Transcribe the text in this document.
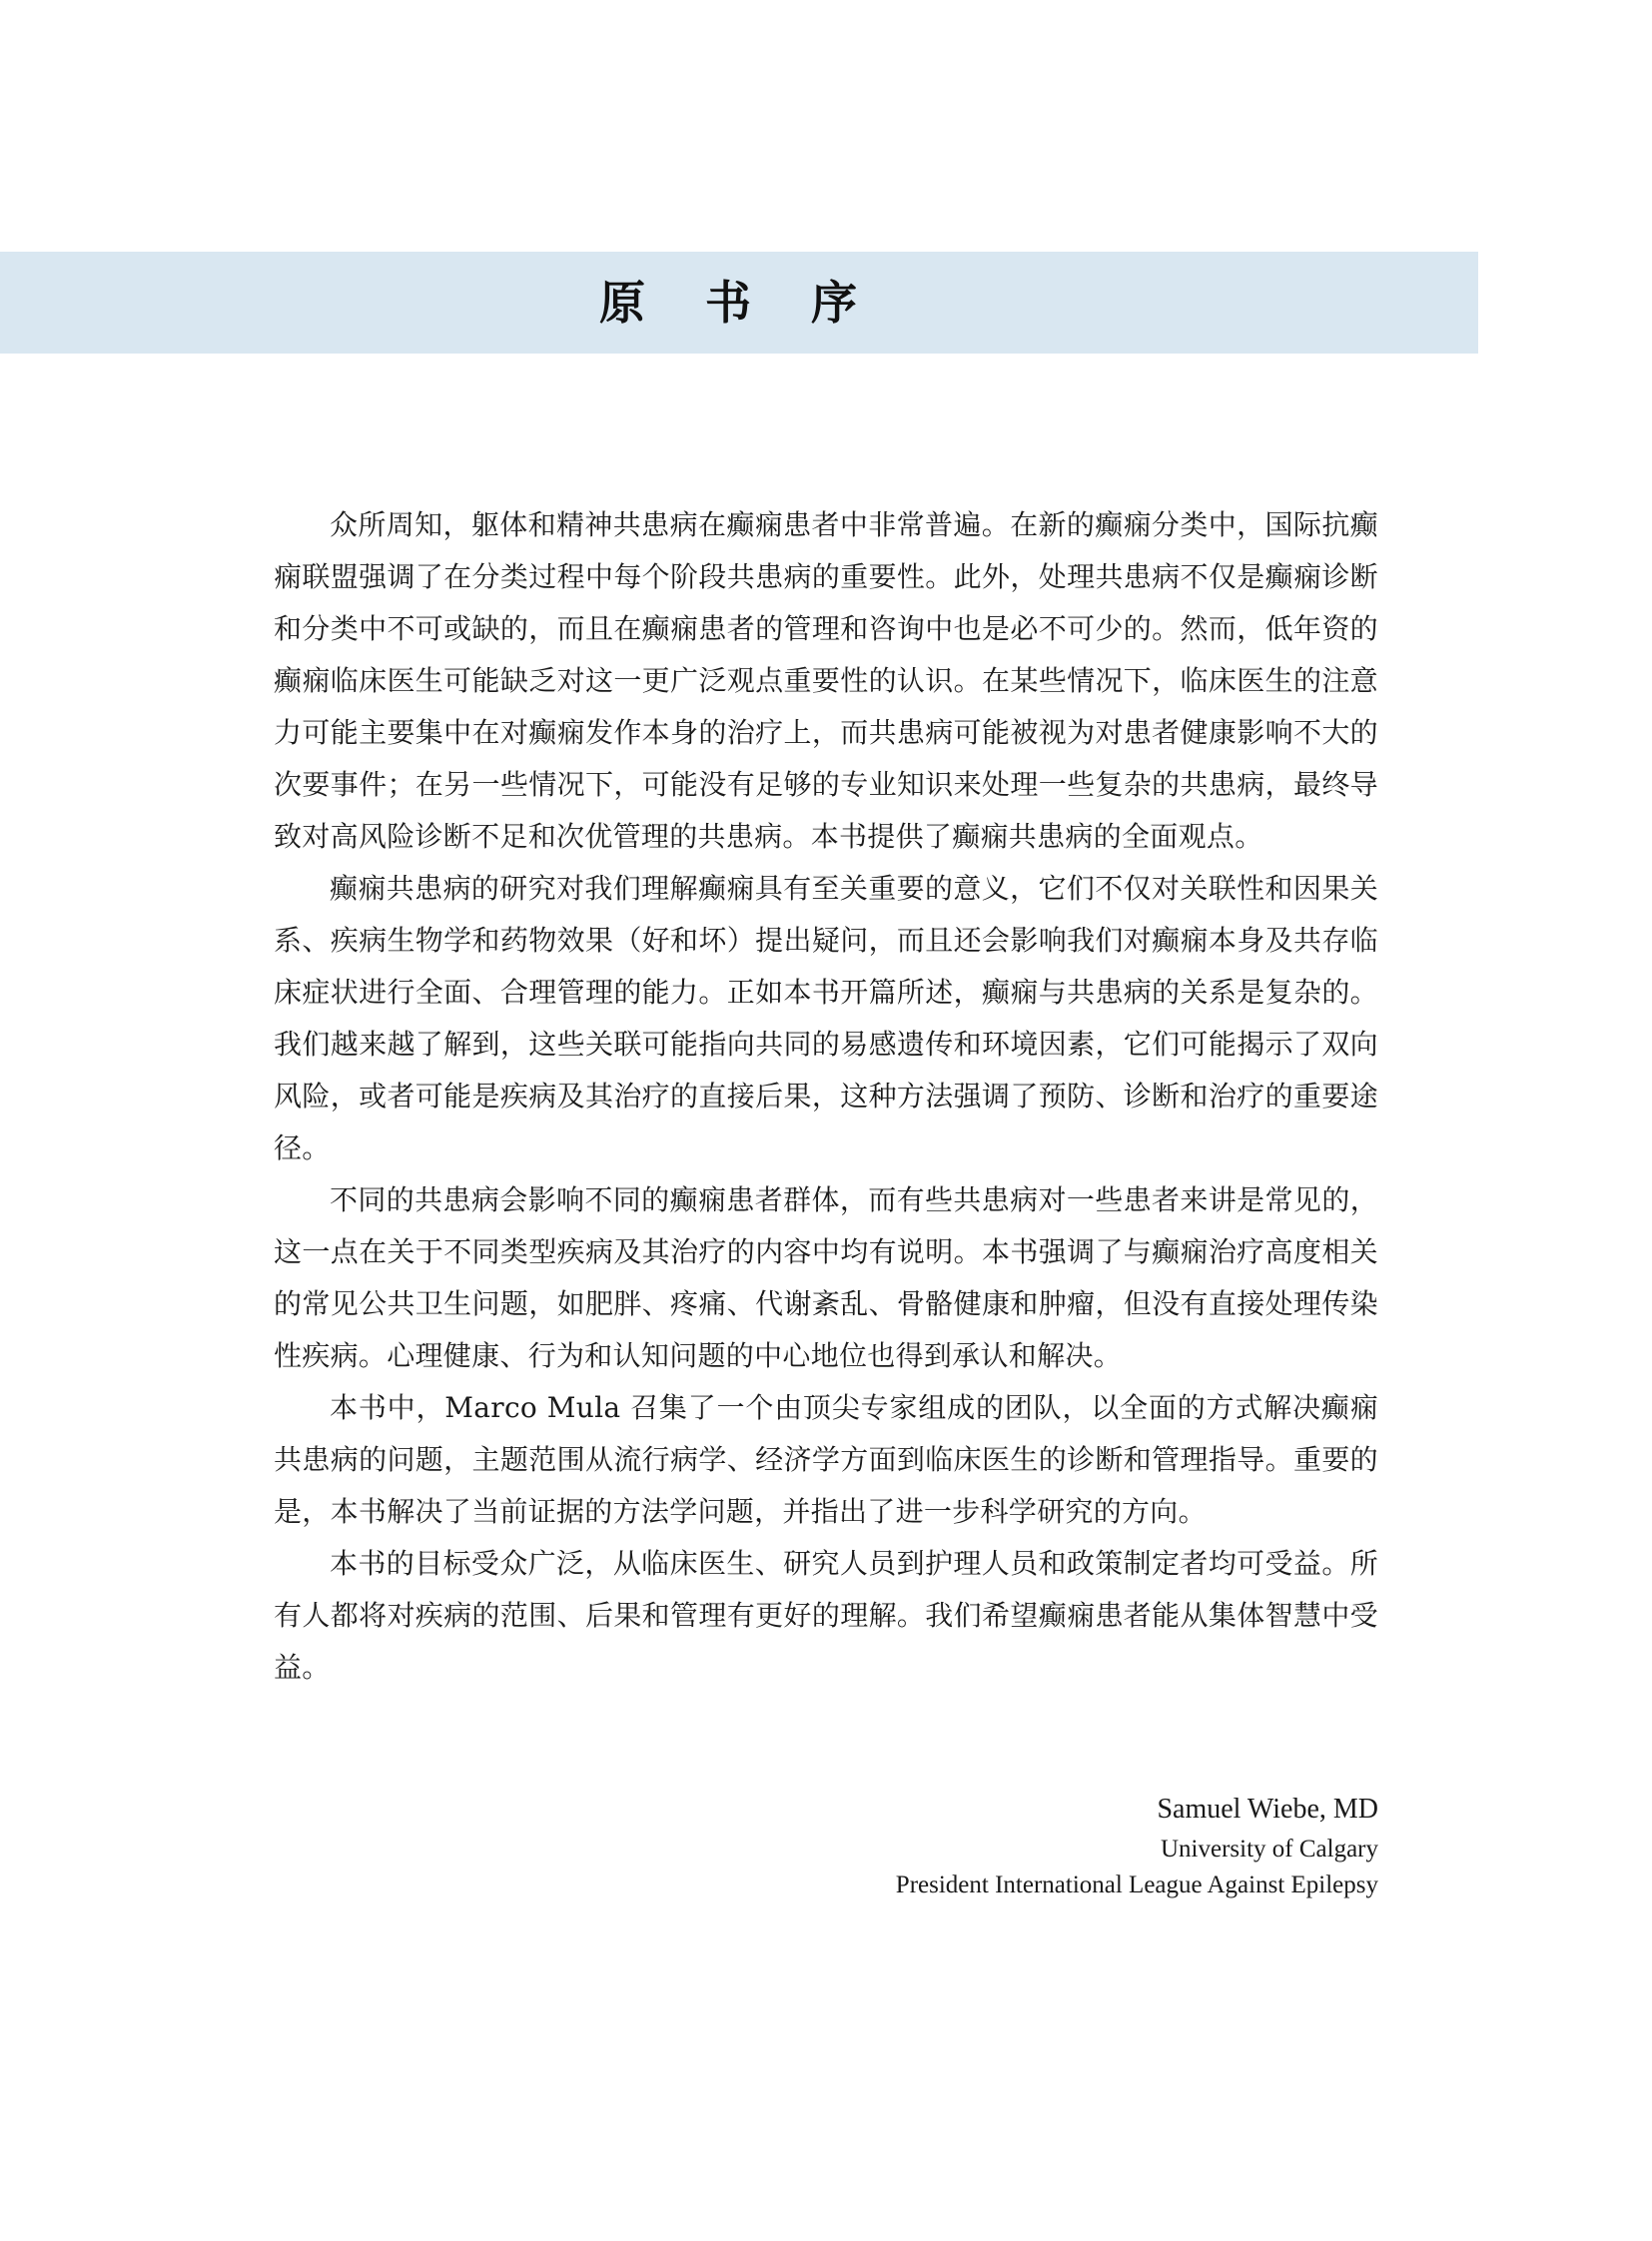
原 书 序

众所周知，躯体和精神共患病在癫痫患者中非常普遍。在新的癫痫分类中，国际抗癫痫联盟强调了在分类过程中每个阶段共患病的重要性。此外，处理共患病不仅是癫痫诊断和分类中不可或缺的，而且在癫痫患者的管理和咨询中也是必不可少的。然而，低年资的癫痫临床医生可能缺乏对这一更广泛观点重要性的认识。在某些情况下，临床医生的注意力可能主要集中在对癫痫发作本身的治疗上，而共患病可能被视为对患者健康影响不大的次要事件；在另一些情况下，可能没有足够的专业知识来处理一些复杂的共患病，最终导致对高风险诊断不足和次优管理的共患病。本书提供了癫痫共患病的全面观点。

癫痫共患病的研究对我们理解癫痫具有至关重要的意义，它们不仅对关联性和因果关系、疾病生物学和药物效果（好和坏）提出疑问，而且还会影响我们对癫痫本身及共存临床症状进行全面、合理管理的能力。正如本书开篇所述，癫痫与共患病的关系是复杂的。我们越来越了解到，这些关联可能指向共同的易感遗传和环境因素，它们可能揭示了双向风险，或者可能是疾病及其治疗的直接后果，这种方法强调了预防、诊断和治疗的重要途径。

不同的共患病会影响不同的癫痫患者群体，而有些共患病对一些患者来讲是常见的，这一点在关于不同类型疾病及其治疗的内容中均有说明。本书强调了与癫痫治疗高度相关的常见公共卫生问题，如肥胖、疼痛、代谢紊乱、骨骼健康和肿瘤，但没有直接处理传染性疾病。心理健康、行为和认知问题的中心地位也得到承认和解决。

本书中，Marco Mula 召集了一个由顶尖专家组成的团队，以全面的方式解决癫痫共患病的问题，主题范围从流行病学、经济学方面到临床医生的诊断和管理指导。重要的是，本书解决了当前证据的方法学问题，并指出了进一步科学研究的方向。

本书的目标受众广泛，从临床医生、研究人员到护理人员和政策制定者均可受益。所有人都将对疾病的范围、后果和管理有更好的理解。我们希望癫痫患者能从集体智慧中受益。

Samuel Wiebe, MD
University of Calgary
President International League Against Epilepsy
